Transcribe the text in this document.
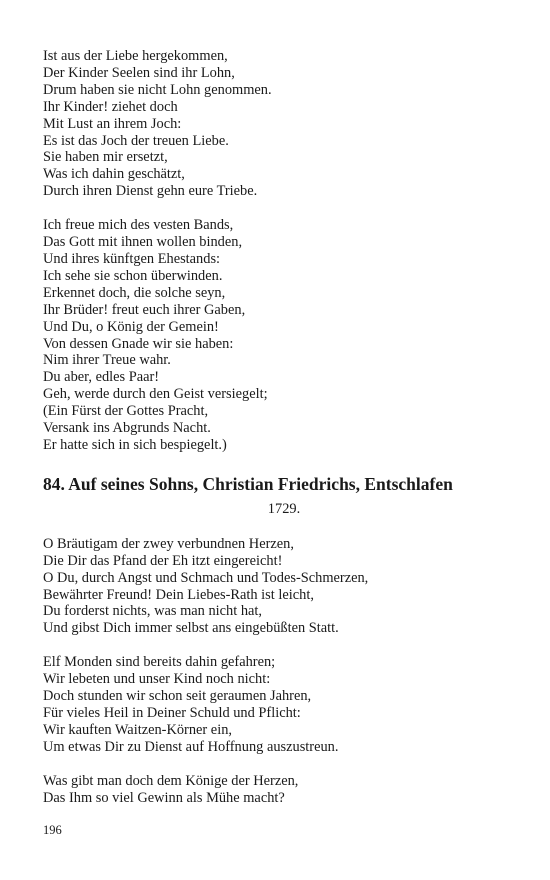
Ist aus der Liebe hergekommen,
Der Kinder Seelen sind ihr Lohn,
Drum haben sie nicht Lohn genommen.
Ihr Kinder! ziehet doch
Mit Lust an ihrem Joch:
Es ist das Joch der treuen Liebe.
Sie haben mir ersetzt,
Was ich dahin geschätzt,
Durch ihren Dienst gehn eure Triebe.
Ich freue mich des vesten Bands,
Das Gott mit ihnen wollen binden,
Und ihres künftgen Ehestands:
Ich sehe sie schon überwinden.
Erkennet doch, die solche seyn,
Ihr Brüder! freut euch ihrer Gaben,
Und Du, o König der Gemein!
Von dessen Gnade wir sie haben:
Nim ihrer Treue wahr.
Du aber, edles Paar!
Geh, werde durch den Geist versiegelt;
(Ein Fürst der Gottes Pracht,
Versank ins Abgrunds Nacht.
Er hatte sich in sich bespiegelt.)
84. Auf seines Sohns, Christian Friedrichs, Entschlafen
1729.
O Bräutigam der zwey verbundnen Herzen,
Die Dir das Pfand der Eh itzt eingereicht!
O Du, durch Angst und Schmach und Todes-Schmerzen,
Bewährter Freund! Dein Liebes-Rath ist leicht,
Du forderst nichts, was man nicht hat,
Und gibst Dich immer selbst ans eingebüßten Statt.
Elf Monden sind bereits dahin gefahren;
Wir lebeten und unser Kind noch nicht:
Doch stunden wir schon seit geraumen Jahren,
Für vieles Heil in Deiner Schuld und Pflicht:
Wir kauften Waitzen-Körner ein,
Um etwas Dir zu Dienst auf Hoffnung auszustreun.
Was gibt man doch dem Könige der Herzen,
Das Ihm so viel Gewinn als Mühe macht?
196
